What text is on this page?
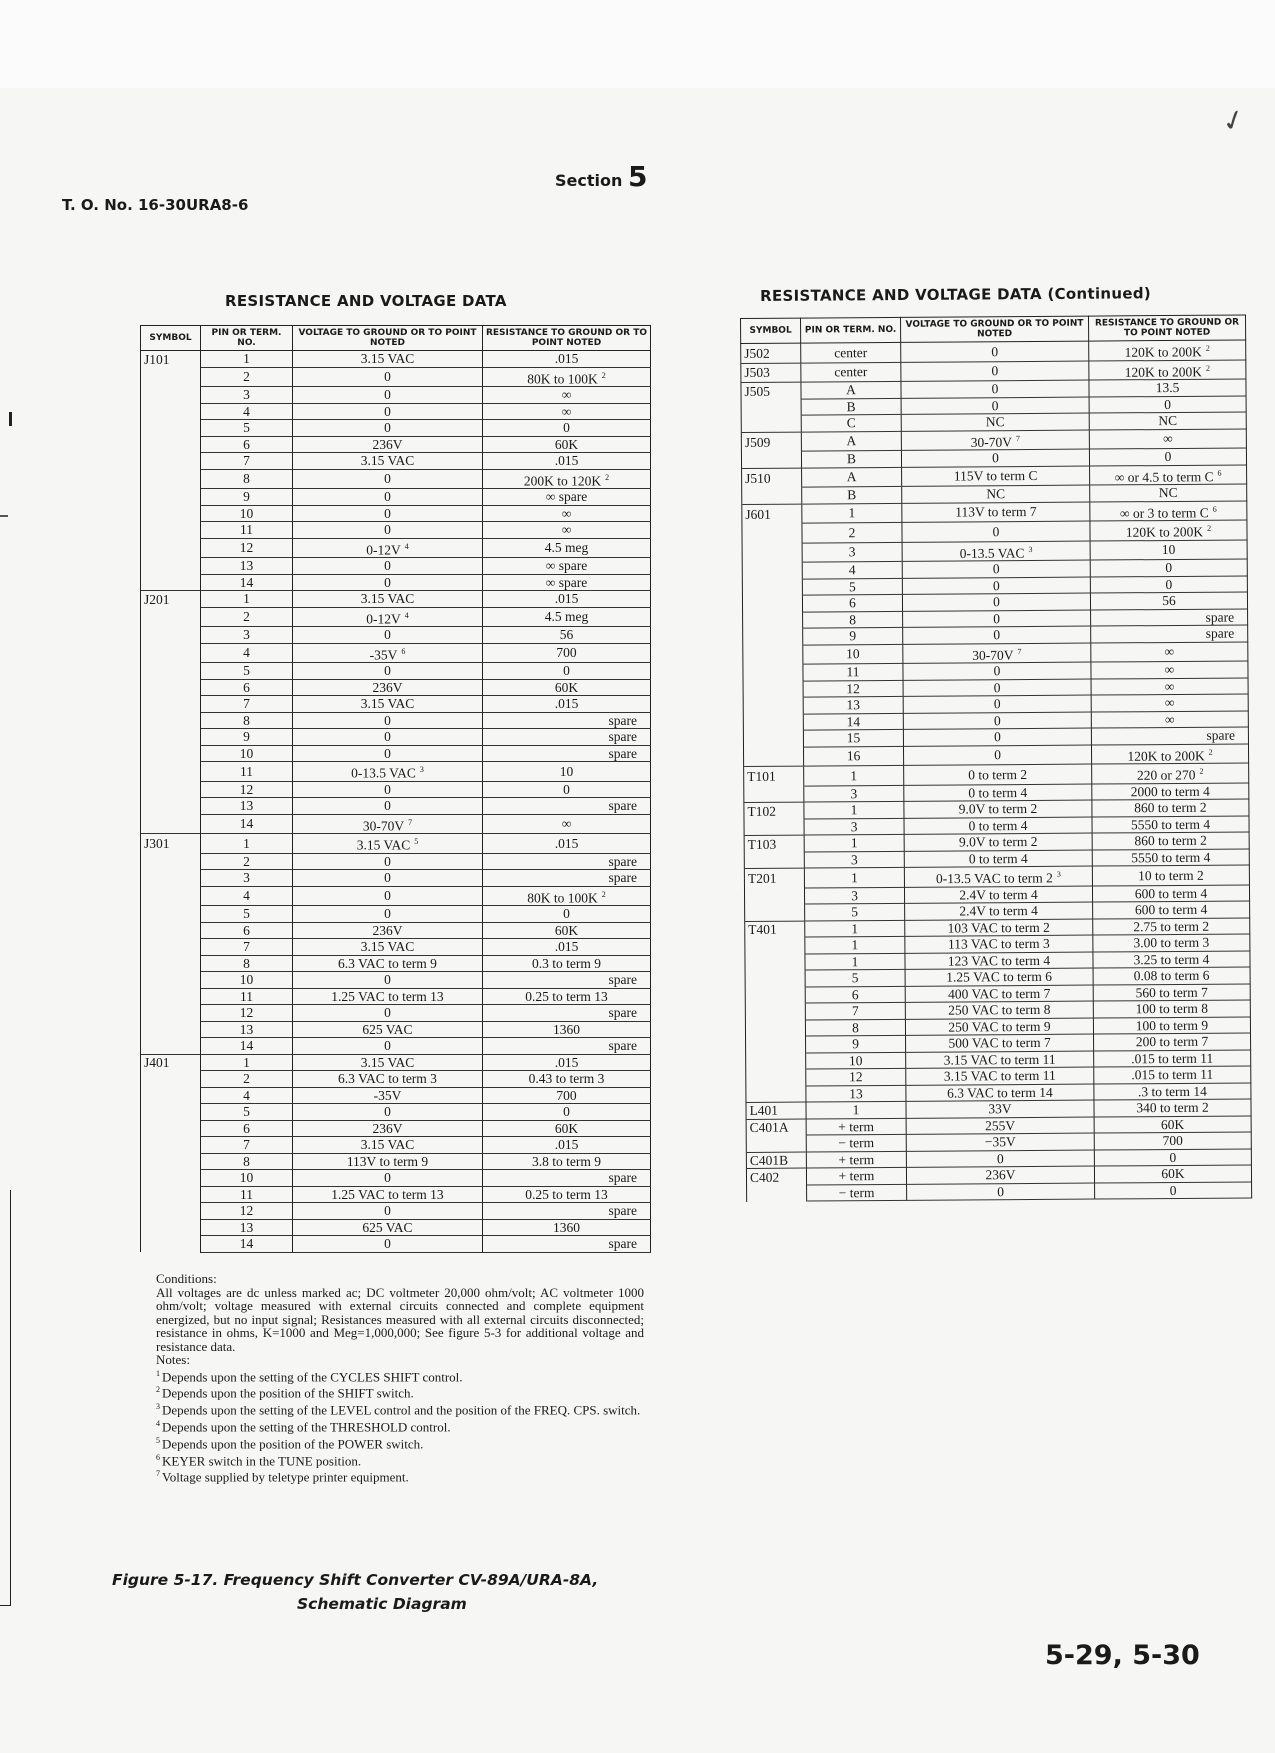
✓
T. O. No. 16-30URA8-6
Section 5
RESISTANCE AND VOLTAGE DATA
SYMBOL	PIN OR TERM. NO.	VOLTAGE TO GROUND OR TO POINT NOTED	RESISTANCE TO GROUND OR TO POINT NOTED
J101	1	3.15 VAC	.015
	2	0	80K to 100K $^2$
	3	0	∞
	4	0	∞
	5	0	0
	6	236V	60K
	7	3.15 VAC	.015
	8	0	200K to 120K $^2$
	9	0	∞ spare
	10	0	∞
	11	0	∞
	12	0-12V $^4$	4.5 meg
	13	0	∞ spare
	14	0	∞ spare
J201	1	3.15 VAC	.015
	2	0-12V $^4$	4.5 meg
	3	0	56
	4	-35V $^6$	700
	5	0	0
	6	236V	60K
	7	3.15 VAC	.015
	8	0	spare
	9	0	spare
	10	0	spare
	11	0-13.5 VAC $^3$	10
	12	0	0
	13	0	spare
	14	30-70V $^7$	∞
J301	1	3.15 VAC $^5$	.015
	2	0	spare
	3	0	spare
	4	0	80K to 100K $^2$
	5	0	0
	6	236V	60K
	7	3.15 VAC	.015
	8	6.3 VAC to term 9	0.3 to term 9
	10	0	spare
	11	1.25 VAC to term 13	0.25 to term 13
	12	0	spare
	13	625 VAC	1360
	14	0	spare
J401	1	3.15 VAC	.015
	2	6.3 VAC to term 3	0.43 to term 3
	4	-35V	700
	5	0	0
	6	236V	60K
	7	3.15 VAC	.015
	8	113V to term 9	3.8 to term 9
	10	0	spare
	11	1.25 VAC to term 13	0.25 to term 13
	12	0	spare
	13	625 VAC	1360
	14	0	spare
RESISTANCE AND VOLTAGE DATA (Continued)
SYMBOL	PIN OR TERM. NO.	VOLTAGE TO GROUND OR TO POINT NOTED	RESISTANCE TO GROUND OR TO POINT NOTED
J502	center	0	120K to 200K $^2$
J503	center	0	120K to 200K $^2$
J505	A	0	13.5
	B	0	0
	C	NC	NC
J509	A	30-70V $^7$	∞
	B	0	0
J510	A	115V to term C	∞ or 4.5 to term C $^6$
	B	NC	NC
J601	1	113V to term 7	∞ or 3 to term C $^6$
	2	0	120K to 200K $^2$
	3	0-13.5 VAC $^3$	10
	4	0	0
	5	0	0
	6	0	56
	8	0	spare
	9	0	spare
	10	30-70V $^7$	∞
	11	0	∞
	12	0	∞
	13	0	∞
	14	0	∞
	15	0	spare
	16	0	120K to 200K $^2$
T101	1	0 to term 2	220 or 270 $^2$
	3	0 to term 4	2000 to term 4
T102	1	9.0V to term 2	860 to term 2
	3	0 to term 4	5550 to term 4
T103	1	9.0V to term 2	860 to term 2
	3	0 to term 4	5550 to term 4
T201	1	0-13.5 VAC to term 2 $^3$	10 to term 2
	3	2.4V to term 4	600 to term 4
	5	2.4V to term 4	600 to term 4
T401	1	103 VAC to term 2	2.75 to term 2
	1	113 VAC to term 3	3.00 to term 3
	1	123 VAC to term 4	3.25 to term 4
	5	1.25 VAC to term 6	0.08 to term 6
	6	400 VAC to term 7	560 to term 7
	7	250 VAC to term 8	100 to term 8
	8	250 VAC to term 9	100 to term 9
	9	500 VAC to term 7	200 to term 7
	10	3.15 VAC to term 11	.015 to term 11
	12	3.15 VAC to term 11	.015 to term 11
	13	6.3 VAC to term 14	.3 to term 14
L401	1	33V	340 to term 2
C401A	+ term	255V	60K
	− term	−35V	700
C401B	+ term	0	0
C402	+ term	236V	60K
	− term	0	0

Conditions:

All voltages are dc unless marked ac; DC voltmeter 20,000 ohm/volt; AC voltmeter 1000 ohm/volt; voltage measured with external circuits connected and complete equipment energized, but no input signal; Resistances measured with all external circuits disconnected; resistance in ohms, K=1000 and Meg=1,000,000; See figure 5-3 for additional voltage and resistance data.

Notes:

$^1$ Depends upon the setting of the CYCLES SHIFT control.
$^2$ Depends upon the position of the SHIFT switch.
$^3$ Depends upon the setting of the LEVEL control and the position of the FREQ. CPS. switch.
$^4$ Depends upon the setting of the THRESHOLD control.
$^5$ Depends upon the position of the POWER switch.
$^6$ KEYER switch in the TUNE position.
$^7$ Voltage supplied by teletype printer equipment.
Figure 5-17. Frequency Shift Converter CV-89A/URA-8A,
Schematic Diagram
5-29, 5-30
